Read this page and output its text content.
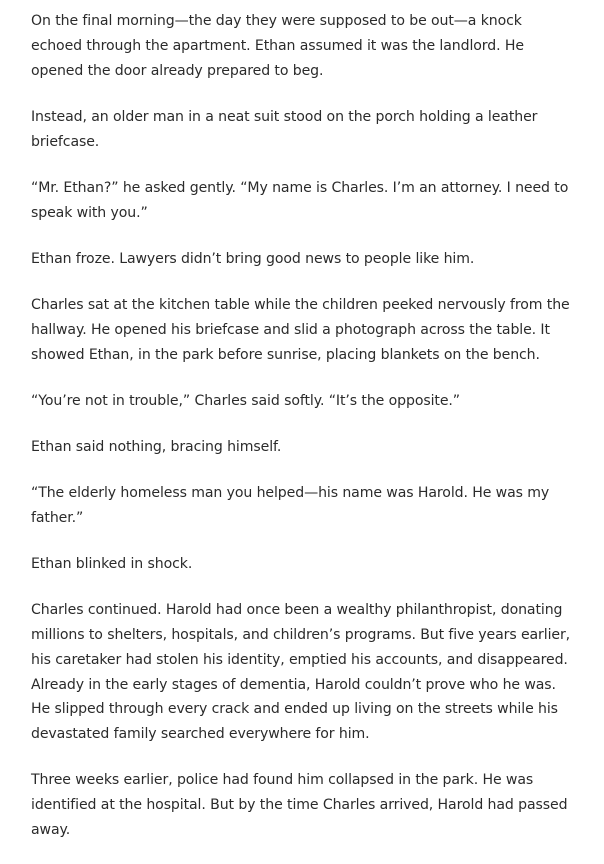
On the final morning—the day they were supposed to be out—a knock echoed through the apartment. Ethan assumed it was the landlord. He opened the door already prepared to beg.

Instead, an older man in a neat suit stood on the porch holding a leather briefcase.

“Mr. Ethan?” he asked gently. “My name is Charles. I’m an attorney. I need to speak with you.”

Ethan froze. Lawyers didn’t bring good news to people like him.

Charles sat at the kitchen table while the children peeked nervously from the hallway. He opened his briefcase and slid a photograph across the table. It showed Ethan, in the park before sunrise, placing blankets on the bench.

“You’re not in trouble,” Charles said softly. “It’s the opposite.”

Ethan said nothing, bracing himself.

“The elderly homeless man you helped—his name was Harold. He was my father.”

Ethan blinked in shock.

Charles continued. Harold had once been a wealthy philanthropist, donating millions to shelters, hospitals, and children’s programs. But five years earlier, his caretaker had stolen his identity, emptied his accounts, and disappeared. Already in the early stages of dementia, Harold couldn’t prove who he was. He slipped through every crack and ended up living on the streets while his devastated family searched everywhere for him.

Three weeks earlier, police had found him collapsed in the park. He was identified at the hospital. But by the time Charles arrived, Harold had passed away.
